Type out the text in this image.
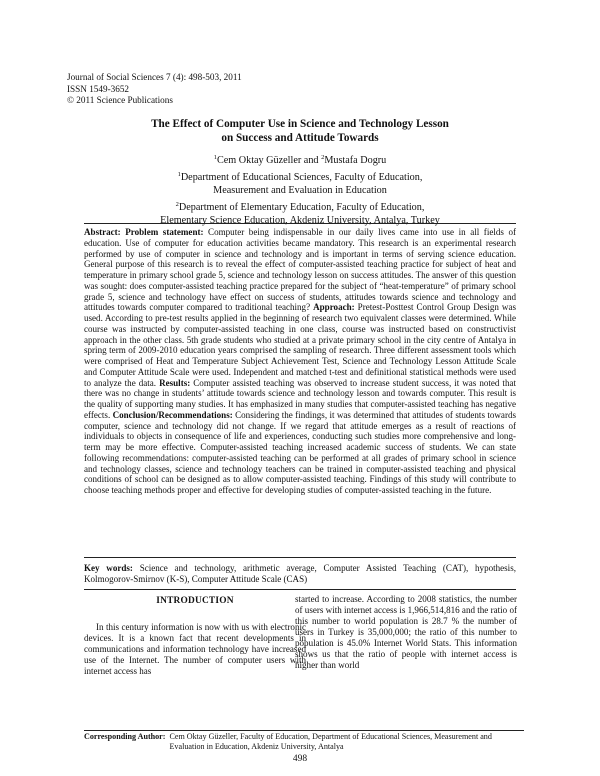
Journal of Social Sciences 7 (4): 498-503, 2011
ISSN 1549-3652
© 2011 Science Publications
The Effect of Computer Use in Science and Technology Lesson
on Success and Attitude Towards
$^1$Cem Oktay Güzeller and $^2$Mustafa Dogru
$^1$Department of Educational Sciences, Faculty of Education,
Measurement and Evaluation in Education
$^2$Department of Elementary Education, Faculty of Education,
Elementary Science Education, Akdeniz University, Antalya, Turkey
Abstract: Problem statement: Computer being indispensable in our daily lives came into use in all fields of education. Use of computer for education activities became mandatory. This research is an experimental research performed by use of computer in science and technology and is important in terms of serving science education. General purpose of this research is to reveal the effect of computer-assisted teaching practice for subject of heat and temperature in primary school grade 5, science and technology lesson on success attitudes. The answer of this question was sought: does computer-assisted teaching practice prepared for the subject of “heat-temperature” of primary school grade 5, science and technology have effect on success of students, attitudes towards science and technology and attitudes towards computer compared to traditional teaching? Approach: Pretest-Posttest Control Group Design was used. According to pre-test results applied in the beginning of research two equivalent classes were determined. While course was instructed by computer-assisted teaching in one class, course was instructed based on constructivist approach in the other class. 5th grade students who studied at a private primary school in the city centre of Antalya in spring term of 2009-2010 education years comprised the sampling of research. Three different assessment tools which were comprised of Heat and Temperature Subject Achievement Test, Science and Technology Lesson Attitude Scale and Computer Attitude Scale were used. Independent and matched t-test and definitional statistical methods were used to analyze the data. Results: Computer assisted teaching was observed to increase student success, it was noted that there was no change in students’ attitude towards science and technology lesson and towards computer. This result is the quality of supporting many studies. It has emphasized in many studies that computer-assisted teaching has negative effects. Conclusion/Recommendations: Considering the findings, it was determined that attitudes of students towards computer, science and technology did not change. If we regard that attitude emerges as a result of reactions of individuals to objects in consequence of life and experiences, conducting such studies more comprehensive and long-term may be more effective. Computer-assisted teaching increased academic success of students. We can state following recommendations: computer-assisted teaching can be performed at all grades of primary school in science and technology classes, science and technology teachers can be trained in computer-assisted teaching and physical conditions of school can be designed as to allow computer-assisted teaching. Findings of this study will contribute to choose teaching methods proper and effective for developing studies of computer-assisted teaching in the future.
Key words: Science and technology, arithmetic average, Computer Assisted Teaching (CAT), hypothesis, Kolmogorov-Smirnov (K-S), Computer Attitude Scale (CAS)
INTRODUCTION

In this century information is now with us with electronic devices. It is a known fact that recent developments in communications and information technology have increased use of the Internet. The number of computer users with internet access has

started to increase. According to 2008 statistics, the number of users with internet access is 1,966,514,816 and the ratio of this number to world population is 28.7 % the number of users in Turkey is 35,000,000; the ratio of this number to population is 45.0% Internet World Stats. This information shows us that the ratio of people with internet access is higher than world

Corresponding Author: Cem Oktay Güzeller, Faculty of Education, Department of Educational Sciences, Measurement and Evaluation in Education, Akdeniz University, Antalya
498
